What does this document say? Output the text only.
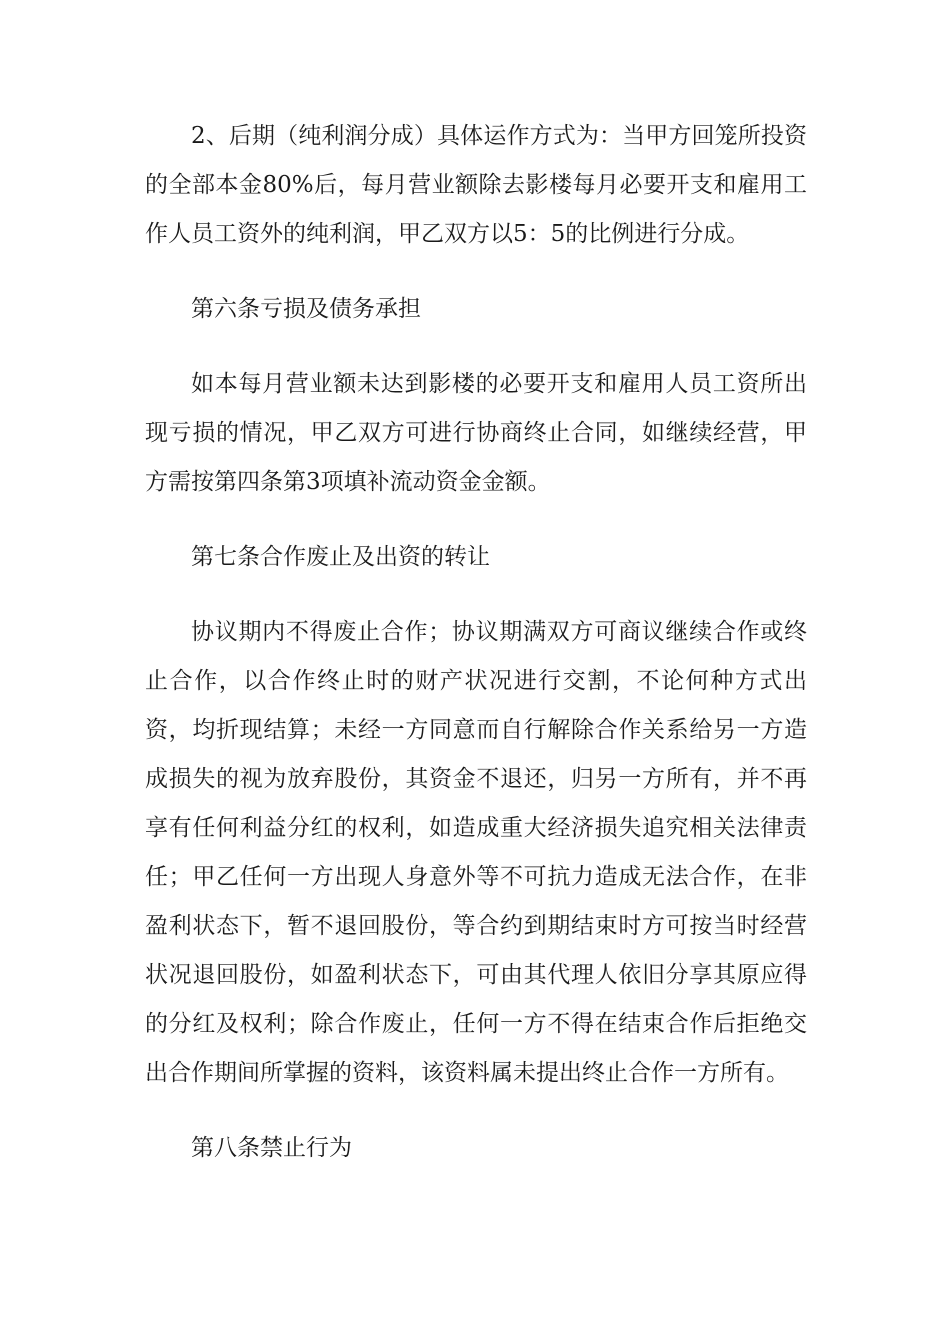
2、后期（纯利润分成）具体运作方式为：当甲方回笼所投资的全部本金80%后，每月营业额除去影楼每月必要开支和雇用工作人员工资外的纯利润，甲乙双方以5：5的比例进行分成。

第六条亏损及债务承担

如本每月营业额未达到影楼的必要开支和雇用人员工资所出现亏损的情况，甲乙双方可进行协商终止合同，如继续经营，甲方需按第四条第3项填补流动资金金额。

第七条合作废止及出资的转让

协议期内不得废止合作；协议期满双方可商议继续合作或终止合作，以合作终止时的财产状况进行交割，不论何种方式出资，均折现结算；未经一方同意而自行解除合作关系给另一方造成损失的视为放弃股份，其资金不退还，归另一方所有，并不再享有任何利益分红的权利，如造成重大经济损失追究相关法律责任；甲乙任何一方出现人身意外等不可抗力造成无法合作，在非盈利状态下，暂不退回股份，等合约到期结束时方可按当时经营状况退回股份，如盈利状态下，可由其代理人依旧分享其原应得的分红及权利；除合作废止，任何一方不得在结束合作后拒绝交出合作期间所掌握的资料，该资料属未提出终止合作一方所有。

第八条禁止行为
